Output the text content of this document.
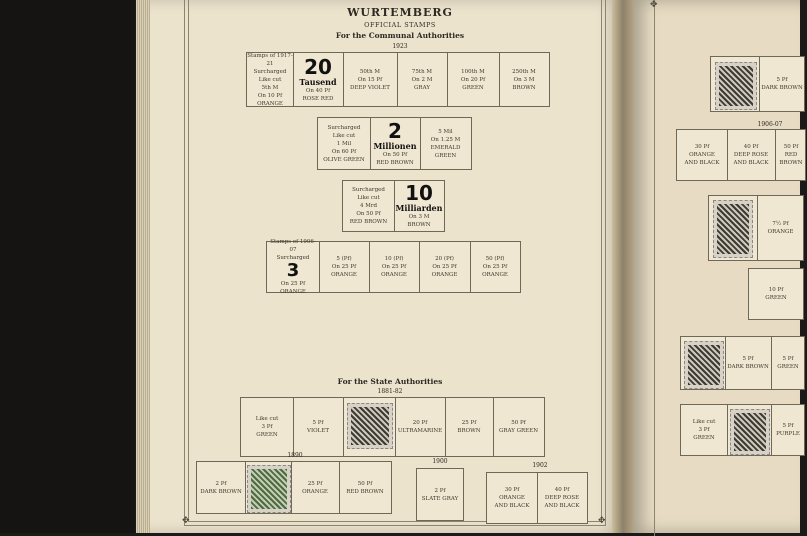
✥	✥
WURTEMBERG
OFFICIAL STAMPS
For the Communal Authorities
1923
Stamps of 1917-21
Surcharged
Like cut
5th M
On 10 Pf
ORANGE
20
Tausend
On 40 Pf
ROSE RED
50th M
On 15 Pf
DEEP VIOLET
75th M
On 2 M
GRAY
100th M
On 20 Pf
GREEN
250th M
On 3 M
BROWN
Surcharged
Like cut
1 Mil
On 60 Pf
OLIVE GREEN
2
Millionen
On 50 Pf
RED BROWN
5 Mil
On 1.25 M
EMERALD
GREEN
Surcharged
Like cut
4 Mrd
On 50 Pf
RED BROWN
10
Milliarden
On 3 M
BROWN
Stamps of 1906-07
Surcharged
3
On 25 Pf
ORANGE
5 (Pf)
On 25 Pf
ORANGE
10 (Pf)
On 25 Pf
ORANGE
20 (Pf)
On 25 Pf
ORANGE
50 (Pf)
On 25 Pf
ORANGE
For the State Authorities
1881-82
Like cut
3 Pf
GREEN
5 Pf
VIOLET
20 Pf
ULTRAMARINE
25 Pf
BROWN
50 Pf
GRAY GREEN
1890
1900
1902
2 Pf
DARK BROWN
25 Pf
ORANGE
50 Pf
RED BROWN	2 Pf
SLATE GRAY
30 Pf
ORANGE
AND BLACK
40 Pf
DEEP ROSE
AND BLACK
✥
5 Pf
DARK BROWN
1906-07
30 Pf
ORANGE
AND BLACK
40 Pf
DEEP ROSE
AND BLACK
50 Pf
RED BROWN
7½ Pf
ORANGE
10 Pf
GREEN
5 Pf
DARK BROWN
5 Pf
GREEN
Like cut
3 Pf
GREEN
5 Pf
PURPLE
